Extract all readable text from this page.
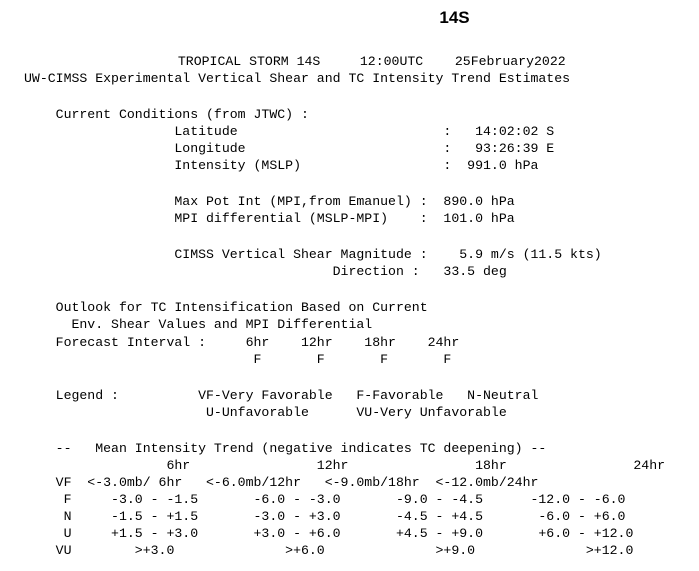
14S
TROPICAL STORM 14S     12:00UTC    25February2022
UW-CIMSS Experimental Vertical Shear and TC Intensity Trend Estimates
Current Conditions (from JTWC) :
Latitude                          :   14:02:02 S
Longitude                         :   93:26:39 E
Intensity (MSLP)                  :  991.0 hPa
Max Pot Int (MPI,from Emanuel) :  890.0 hPa
MPI differential (MSLP-MPI)    :  101.0 hPa
CIMSS Vertical Shear Magnitude :    5.9 m/s (11.5 kts)
Direction :   33.5 deg
Outlook for TC Intensification Based on Current
Env. Shear Values and MPI Differential
Forecast Interval :     6hr    12hr    18hr    24hr
F       F       F       F
Legend :          VF-Very Favorable   F-Favorable   N-Neutral
U-Unfavorable      VU-Very Unfavorable
--   Mean Intensity Trend (negative indicates TC deepening) --
6hr                12hr                18hr                24hr
VF  <-3.0mb/ 6hr   <-6.0mb/12hr   <-9.0mb/18hr  <-12.0mb/24hr
F     -3.0 - -1.5       -6.0 - -3.0       -9.0 - -4.5      -12.0 - -6.0
N     -1.5 - +1.5       -3.0 - +3.0       -4.5 - +4.5       -6.0 - +6.0
U     +1.5 - +3.0       +3.0 - +6.0       +4.5 - +9.0       +6.0 - +12.0
VU        >+3.0              >+6.0              >+9.0              >+12.0
